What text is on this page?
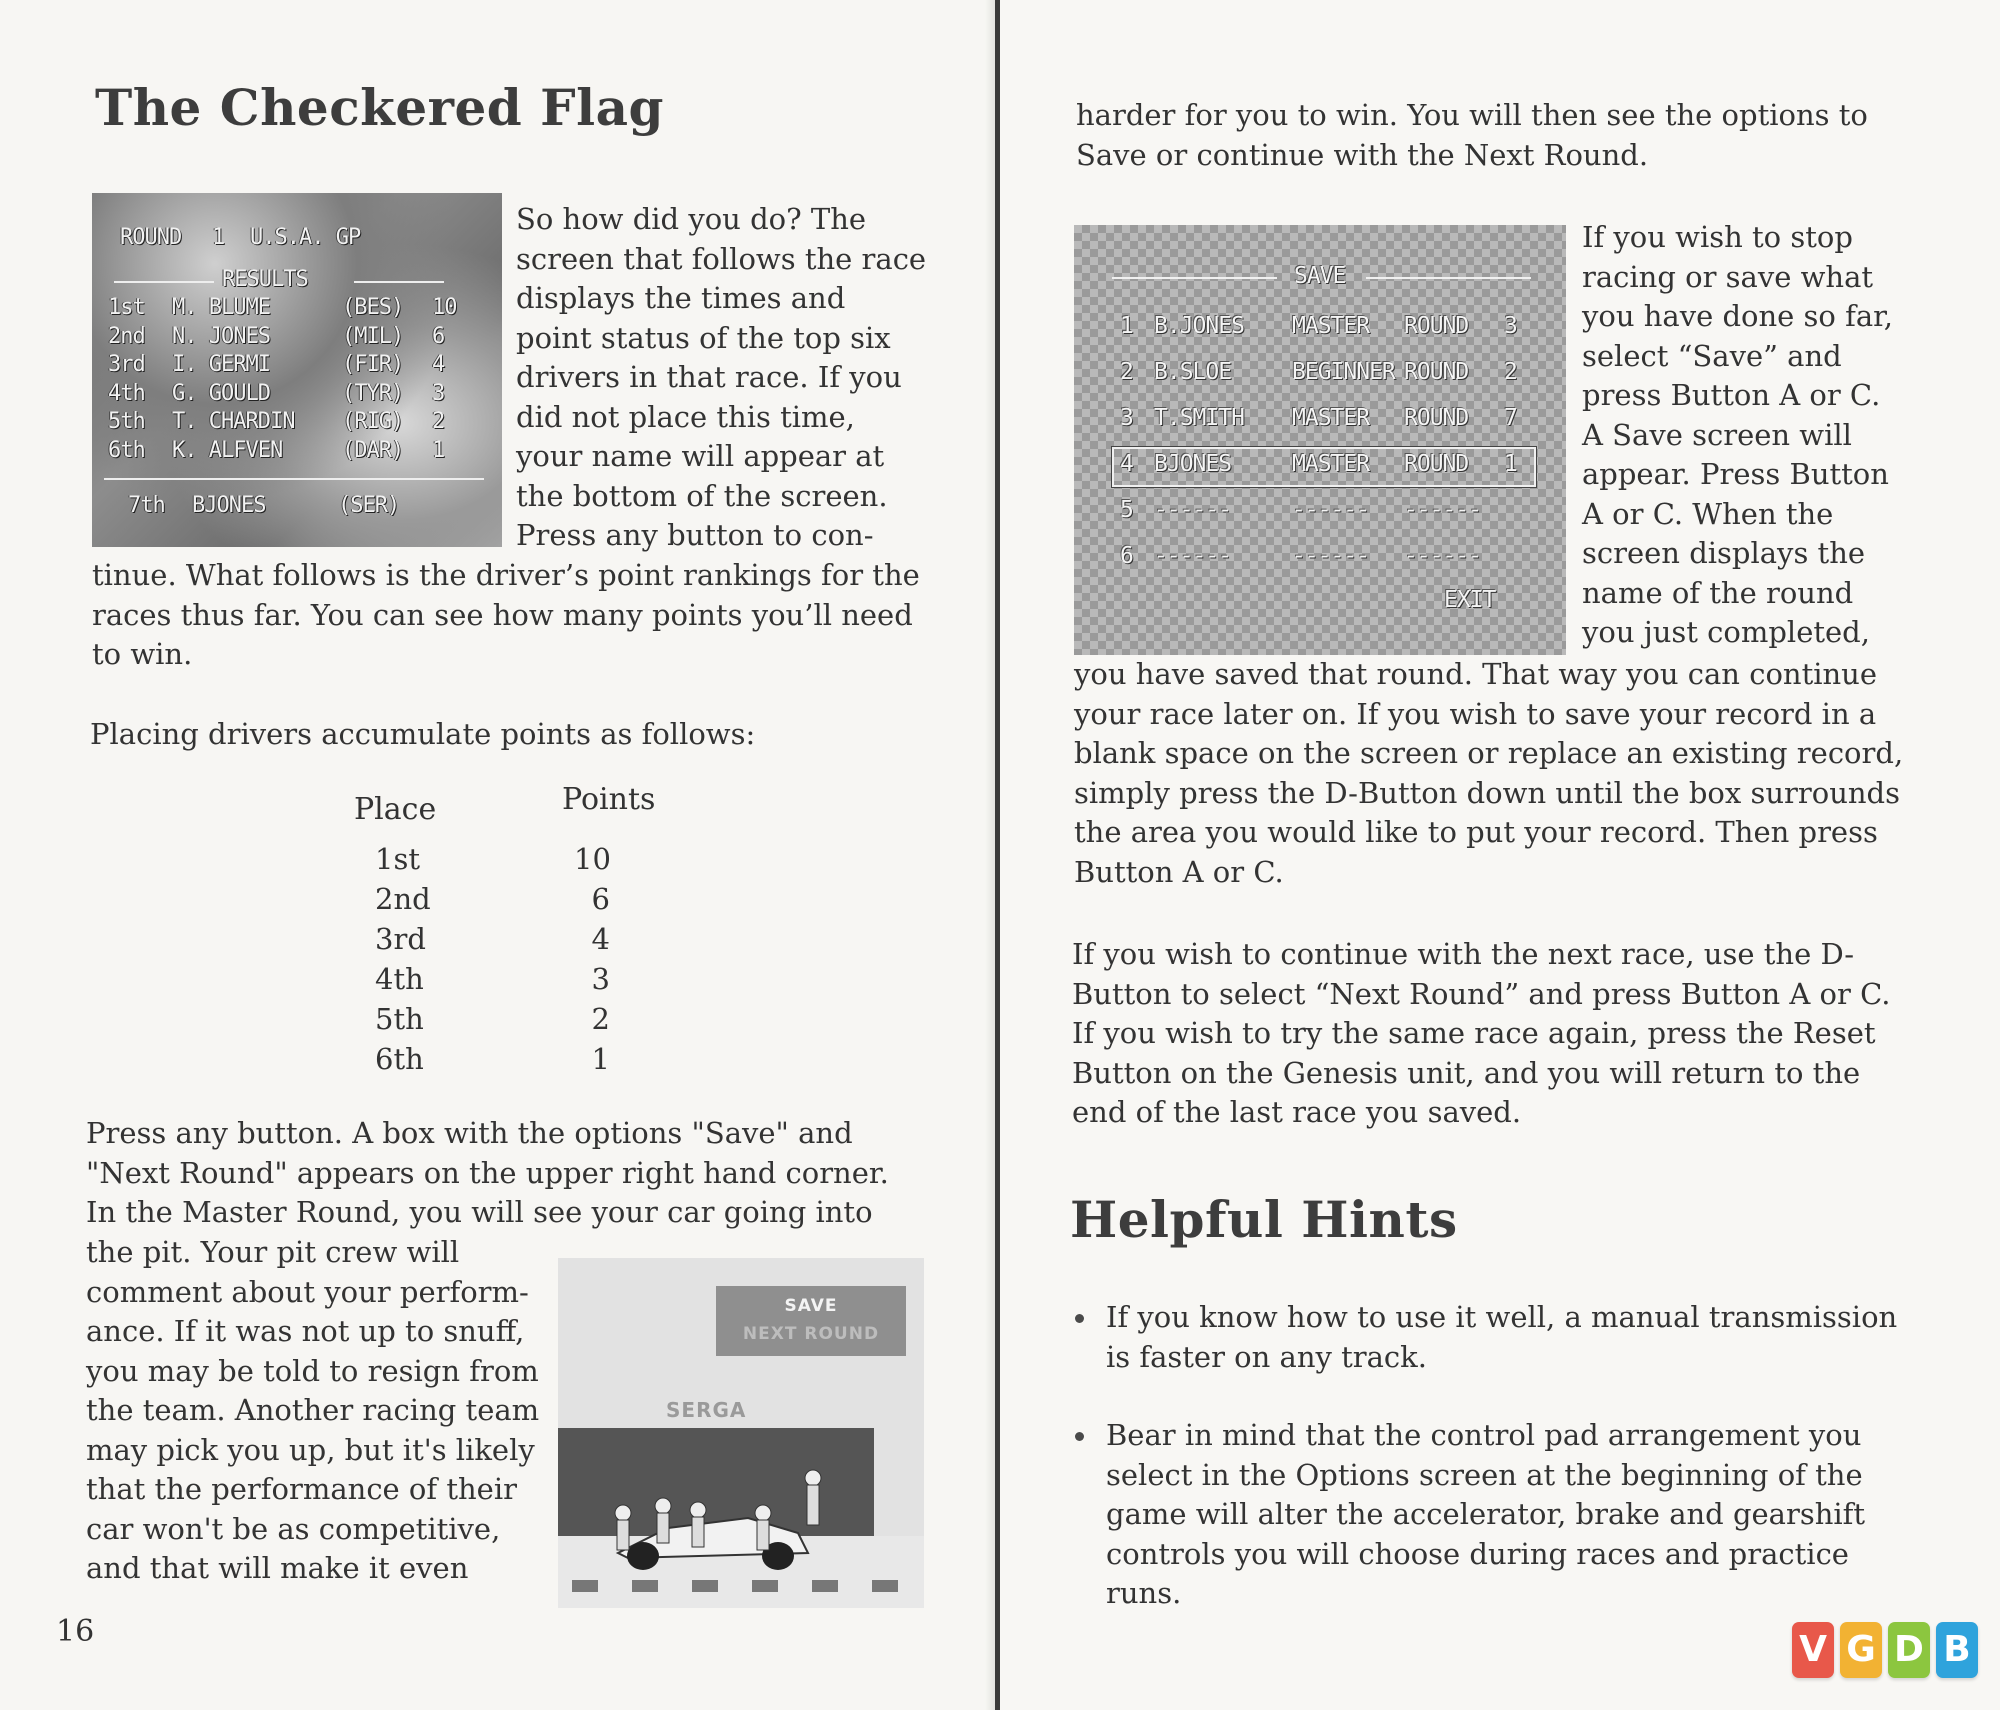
The Checkered Flag
ROUND 1 U.S.A. GP
RESULTS
1st M. BLUME	(BES) 10
2nd N. JONES	(MIL) 6
3rd I. GERMI	(FIR) 4
4th G. GOULD	(TYR) 3
5th T. CHARDIN (RIG) 2
6th K. ALFVEN	(DAR) 1
7th BJONES	(SER)
So how did you do? The
screen that follows the race
displays the times and
point status of the top six
drivers in that race. If you
did not place this time,
your name will appear at
the bottom of the screen.
Press any button to con-
tinue. What follows is the driver’s point rankings for the
races thus far. You can see how many points you’ll need
to win.
Placing drivers accumulate points as follows:
Place	Points
1st	10
2nd	6
3rd	4
4th	3
5th	2
6th	1
Press any button. A box with the options "Save" and
"Next Round" appears on the upper right hand corner.
In the Master Round, you will see your car going into
the pit. Your pit crew will
comment about your perform-
ance. If it was not up to snuff,
you may be told to resign from
the team. Another racing team
may pick you up, but it's likely
that the performance of their
car won't be as competitive,
and that will make it even
SAVE
NEXT ROUND
SERGA
16
harder for you to win. You will then see the options to
Save or continue with the Next Round.
SAVE
1 B.JONES MASTER ROUND 3
2 B.SLOE	BEGINNER ROUND 2
3 T.SMITH MASTER ROUND 7
4 BJONES	MASTER ROUND 1
5 ------	------ ------
6 ------	------ ------
EXIT
If you wish to stop
racing or save what
you have done so far,
select “Save” and
press Button A or C.
A Save screen will
appear. Press Button
A or C. When the
screen displays the
name of the round
you just completed,
you have saved that round. That way you can continue
your race later on. If you wish to save your record in a
blank space on the screen or replace an existing record,
simply press the D-Button down until the box surrounds
the area you would like to put your record. Then press
Button A or C.
If you wish to continue with the next race, use the D-
Button to select “Next Round” and press Button A or C.
If you wish to try the same race again, press the Reset
Button on the Genesis unit, and you will return to the
end of the last race you saved.
Helpful Hints
If you know how to use it well, a manual transmission
is faster on any track.
Bear in mind that the control pad arrangement you
select in the Options screen at the beginning of the
game will alter the accelerator, brake and gearshift
controls you will choose during races and practice
runs.
V G D B
